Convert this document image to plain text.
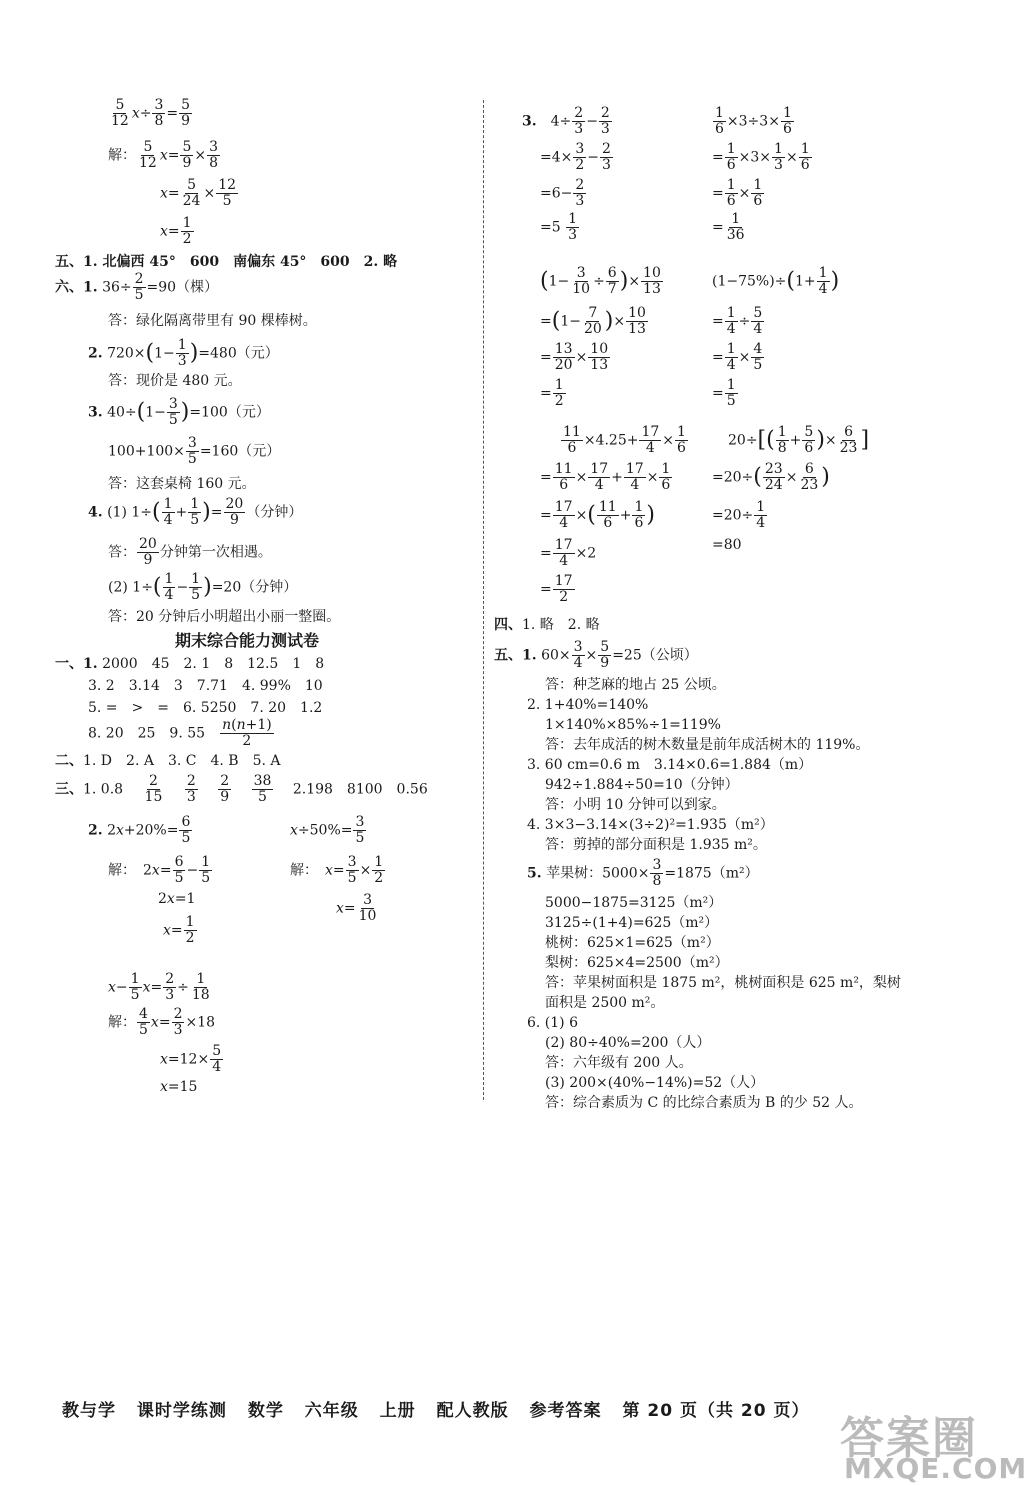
$\frac{5}{12} x\div \frac{3}{8} = \frac{5}{9}$
解： $\frac{5}{12} x= \frac{5}{9} \times \frac{3}{8}$
$x= \frac{5}{24} \times \frac{12}{5}$
$x= \frac{1}{2}$
五、1. 北偏西 45°　600　南偏东 45°　600　2. 略
六、1. $36\div \frac{2}{5} =90$（棵）
答：绿化隔离带里有 90 棵棒树。
2. $720\times(1- \frac{1}{3} )=480$（元）
答：现价是 480 元。
3. $40\div(1- \frac{3}{5} )=100$（元）
$100+100\times \frac{3}{5} =160$（元）
答：这套桌椅 160 元。
4. (1) $1\div( \frac{1}{4} + \frac{1}{5}$ )= $\frac{20}{9}$ （分钟）
答： $\frac{20}{9}$ 分钟第一次相遇。
(2) $1\div( \frac{1}{4} - \frac{1}{5} )=20$（分钟）
答：20 分钟后小明超出小丽一整圈。
期末综合能力测试卷
一、1. 2000　45　2. 1　8　12.5　1　8
3. 2　3.14　3　7.71　4. 99%　10
5. =　>　=　6. 5250　7. 20　1.2
8. 20　25　9. 55　 $\frac{n(n+1)}{2}$
二、1. D　2. A　3. C　4. B　5. A
三、1. 0.8　 $\frac{2}{15}$
　 $\frac{2}{3}$
　 $\frac{2}{9}$
　 $\frac{38}{5}$
　 2.198　8100　0.56
2. $2x+20\%= \frac{6}{5}$	$x\div 50\%= \frac{3}{5}$
解：　$2x= \frac{6}{5} - \frac{1}{5}$	解：　$x= \frac{3}{5} \times \frac{1}{2}$
2x=1
$x= \frac{3}{10}$
$x= \frac{1}{2}$
$x- \frac{1}{5} x= \frac{2}{3} \div \frac{1}{18}$
解： $\frac{4}{5} x= \frac{2}{3} \times 18$
$x=12\times \frac{5}{4}$
x=15
3.　$4\div \frac{2}{3} - \frac{2}{3}$
$=4\times \frac{3}{2} - \frac{2}{3}$
$=6- \frac{2}{3}$
$=5 \frac{1}{3}$
$\frac{1}{6} \times 3\div 3\times \frac{1}{6}$
= $\frac{1}{6} \times 3\times \frac{1}{3} \times \frac{1}{6}$
= $\frac{1}{6} \times \frac{1}{6}$
= $\frac{1}{36}$
($1- \frac{3}{10} \div \frac{6}{7}$ )× $\frac{10}{13}$
$=(1- \frac{7}{20}$ )× $\frac{10}{13}$
= $\frac{13}{20} \times \frac{10}{13}$
= $\frac{1}{2}$
$(1-75\%)\div(1+ \frac{1}{4}$ )
= $\frac{1}{4} \div \frac{5}{4}$
= $\frac{1}{4} \times \frac{4}{5}$
= $\frac{1}{5}$
$\frac{11}{6} \times 4.25+ \frac{17}{4} \times \frac{1}{6}$
= $\frac{11}{6} \times \frac{17}{4} + \frac{17}{4} \times \frac{1}{6}$
= $\frac{17}{4}$ ×( $\frac{11}{6} + \frac{1}{6}$ )
= $\frac{17}{4} \times 2$
= $\frac{17}{2}$
$20\div[( \frac{1}{8} + \frac{5}{6}$ )× $\frac{6}{23}$ ]
$=20\div( \frac{23}{24} \times \frac{6}{23}$ )
$=20\div \frac{1}{4}$
=80
四、1. 略　2. 略
五、1. $60\times \frac{3}{4} \times \frac{5}{9} =25$（公顷）
答：种芝麻的地占 25 公顷。
2. 1+40%=140%
1×140%×85%÷1=119%
答：去年成活的树木数量是前年成活树木的 119%。
3. 60 cm=0.6 m　3.14×0.6=1.884（m）
942÷1.884÷50=10（分钟）
答：小明 10 分钟可以到家。
4. 3×3−3.14×(3÷2)²=1.935（m²）
答：剪掉的部分面积是 1.935 m²。
5. 苹果树：$5000\times \frac{3}{8} =1875(m^2)$
5000−1875=3125（m²）
3125÷(1+4)=625（m²）
桃树：625×1=625（m²）
梨树：625×4=2500（m²）
答：苹果树面积是 1875 m²，桃树面积是 625 m²，梨树
面积是 2500 m²。
6. (1) 6
(2) 80÷40%=200（人）
答：六年级有 200 人。
(3) 200×(40%−14%)=52（人）
答：综合素质为 C 的比综合素质为 B 的少 52 人。
教与学 课时学练测 数学 六年级 上册 配人教版 参考答案 第 20 页（共 20 页）
答案圈
MXQE.COM
